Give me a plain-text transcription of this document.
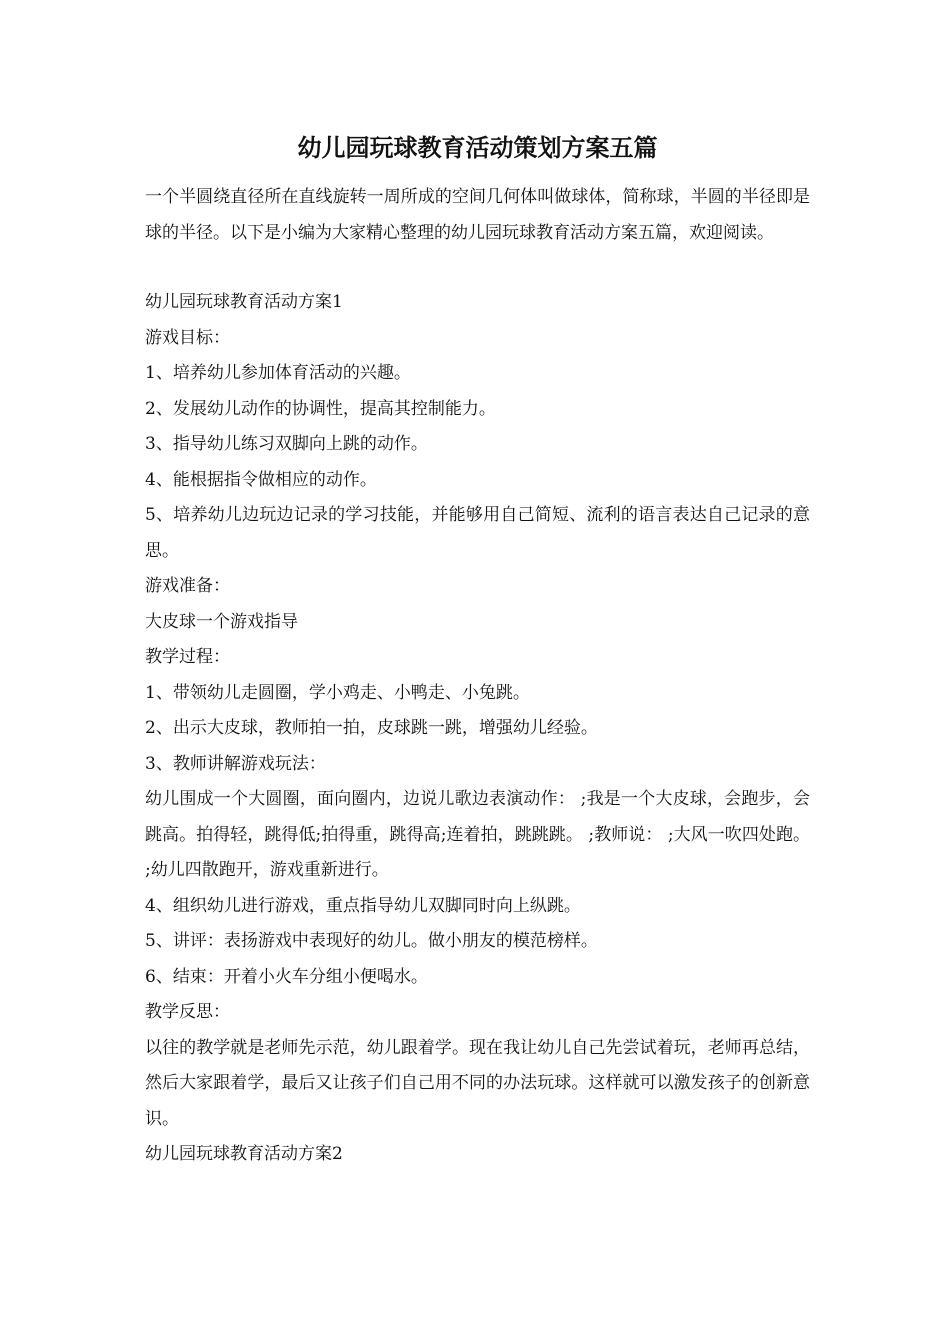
幼儿园玩球教育活动策划方案五篇

一个半圆绕直径所在直线旋转一周所成的空间几何体叫做球体，简称球，半圆的半径即是球的半径。以下是小编为大家精心整理的幼儿园玩球教育活动方案五篇，欢迎阅读。

幼儿园玩球教育活动方案1

游戏目标：

1、培养幼儿参加体育活动的兴趣。

2、发展幼儿动作的协调性，提高其控制能力。

3、指导幼儿练习双脚向上跳的动作。

4、能根据指令做相应的动作。

5、培养幼儿边玩边记录的学习技能，并能够用自己简短、流利的语言表达自己记录的意思。

游戏准备：

大皮球一个游戏指导

教学过程：

1、带领幼儿走圆圈，学小鸡走、小鸭走、小兔跳。

2、出示大皮球，教师拍一拍，皮球跳一跳，增强幼儿经验。

3、教师讲解游戏玩法：

幼儿围成一个大圆圈，面向圈内，边说儿歌边表演动作： ;我是一个大皮球，会跑步，会跳高。拍得轻，跳得低;拍得重，跳得高;连着拍，跳跳跳。 ;教师说： ;大风一吹四处跑。 ;幼儿四散跑开，游戏重新进行。

4、组织幼儿进行游戏，重点指导幼儿双脚同时向上纵跳。

5、讲评：表扬游戏中表现好的幼儿。做小朋友的模范榜样。

6、结束：开着小火车分组小便喝水。

教学反思：

以往的教学就是老师先示范，幼儿跟着学。现在我让幼儿自己先尝试着玩，老师再总结，然后大家跟着学，最后又让孩子们自己用不同的办法玩球。这样就可以激发孩子的创新意识。

幼儿园玩球教育活动方案2
